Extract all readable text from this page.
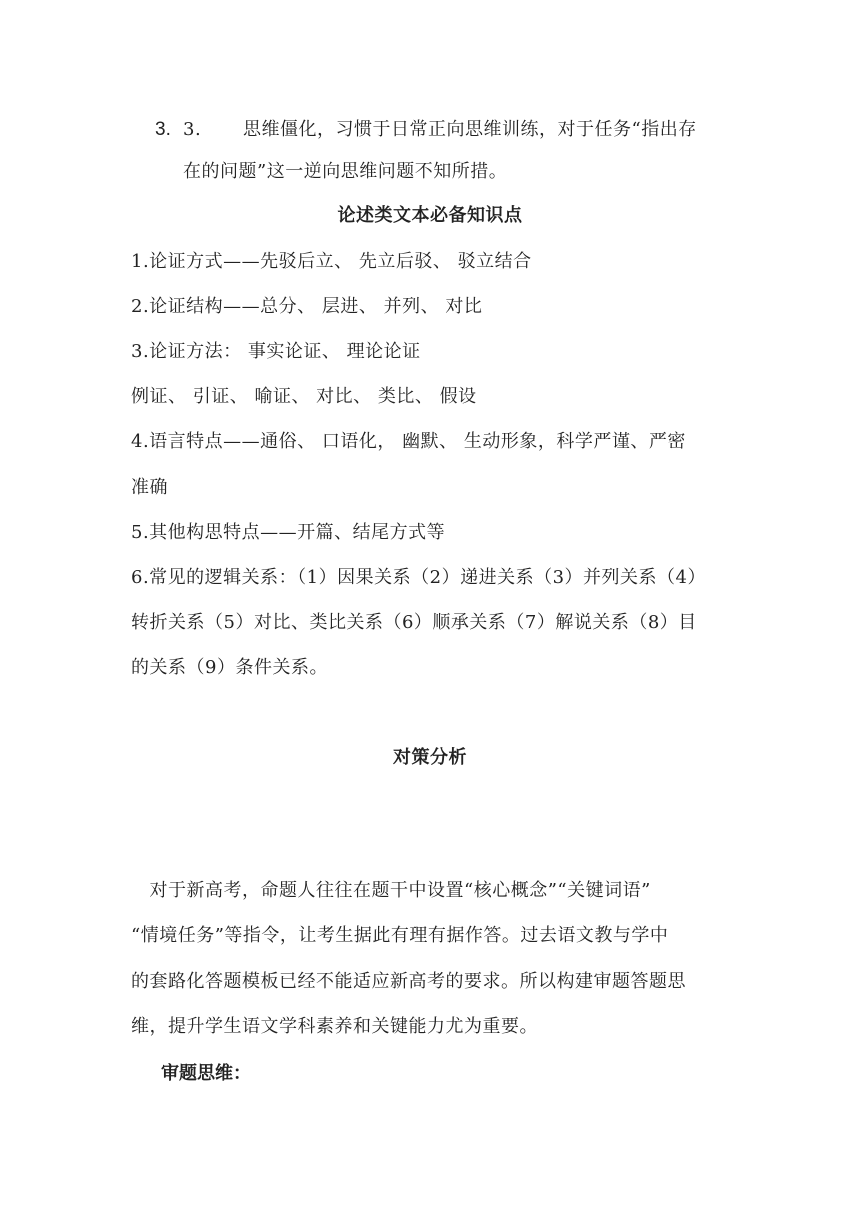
3. 3. 思维僵化，习惯于日常正向思维训练，对于任务“指出存
在的问题”这一逆向思维问题不知所措。
论述类文本必备知识点
1.论证方式——先驳后立、 先立后驳、 驳立结合
2.论证结构——总分、 层进、 并列、 对比
3.论证方法： 事实论证、 理论论证
例证、 引证、 喻证、 对比、 类比、 假设
4.语言特点——通俗、 口语化， 幽默、 生动形象，科学严谨、严密
准确
5.其他构思特点——开篇、结尾方式等
6.常见的逻辑关系：（1）因果关系（2）递进关系（3）并列关系（4）
转折关系（5）对比、类比关系（6）顺承关系（7）解说关系（8）目
的关系（9）条件关系。
对策分析
　对于新高考，命题人往往在题干中设置“核心概念”“关键词语”
“情境任务”等指令，让考生据此有理有据作答。过去语文教与学中
的套路化答题模板已经不能适应新高考的要求。所以构建审题答题思
维，提升学生语文学科素养和关键能力尤为重要。
审题思维：
